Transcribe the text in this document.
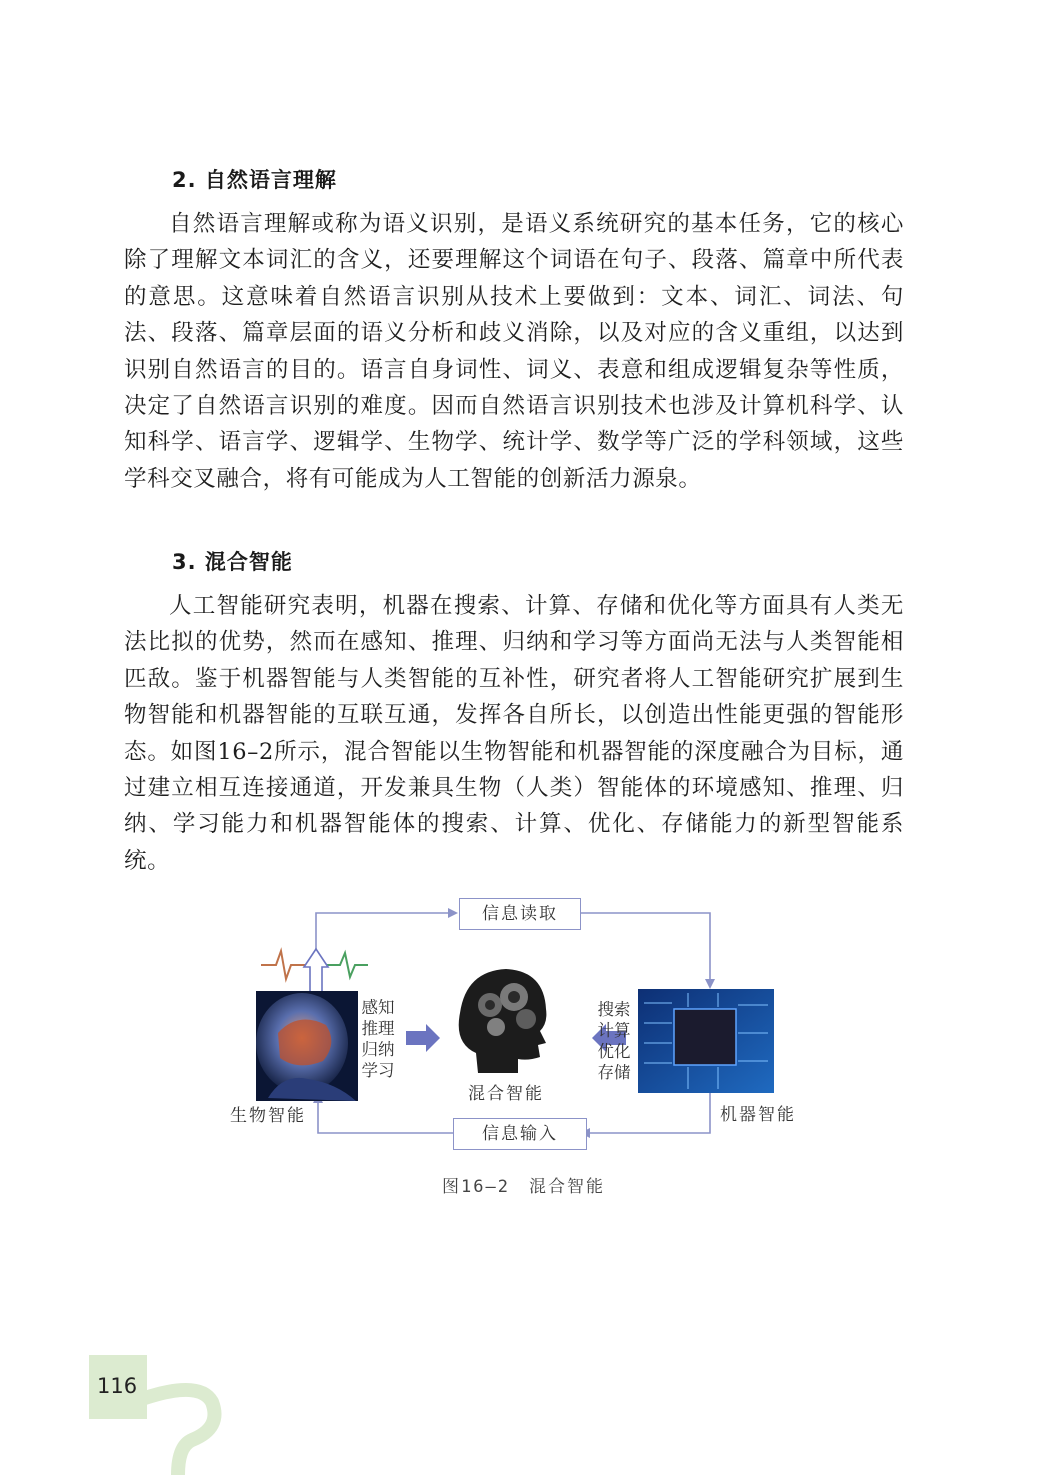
2. 自然语言理解
自然语言理解或称为语义识别，是语义系统研究的基本任务，它的核心除了理解文本词汇的含义，还要理解这个词语在句子、段落、篇章中所代表的意思。这意味着自然语言识别从技术上要做到：文本、词汇、词法、句法、段落、篇章层面的语义分析和歧义消除，以及对应的含义重组，以达到识别自然语言的目的。语言自身词性、词义、表意和组成逻辑复杂等性质，决定了自然语言识别的难度。因而自然语言识别技术也涉及计算机科学、认知科学、语言学、逻辑学、生物学、统计学、数学等广泛的学科领域，这些学科交叉融合，将有可能成为人工智能的创新活力源泉。
3. 混合智能
人工智能研究表明，机器在搜索、计算、存储和优化等方面具有人类无法比拟的优势，然而在感知、推理、归纳和学习等方面尚无法与人类智能相匹敌。鉴于机器智能与人类智能的互补性，研究者将人工智能研究扩展到生物智能和机器智能的互联互通，发挥各自所长，以创造出性能更强的智能形态。如图16–2所示，混合智能以生物智能和机器智能的深度融合为目标，通过建立相互连接通道，开发兼具生物（人类）智能体的环境感知、推理、归纳、学习能力和机器智能体的搜索、计算、优化、存储能力的新型智能系统。
信息读取
信息输入
感知
推理
归纳
学习
搜索
计算
优化
存储
生物智能
混合智能
机器智能
图16–2　混合智能
116
